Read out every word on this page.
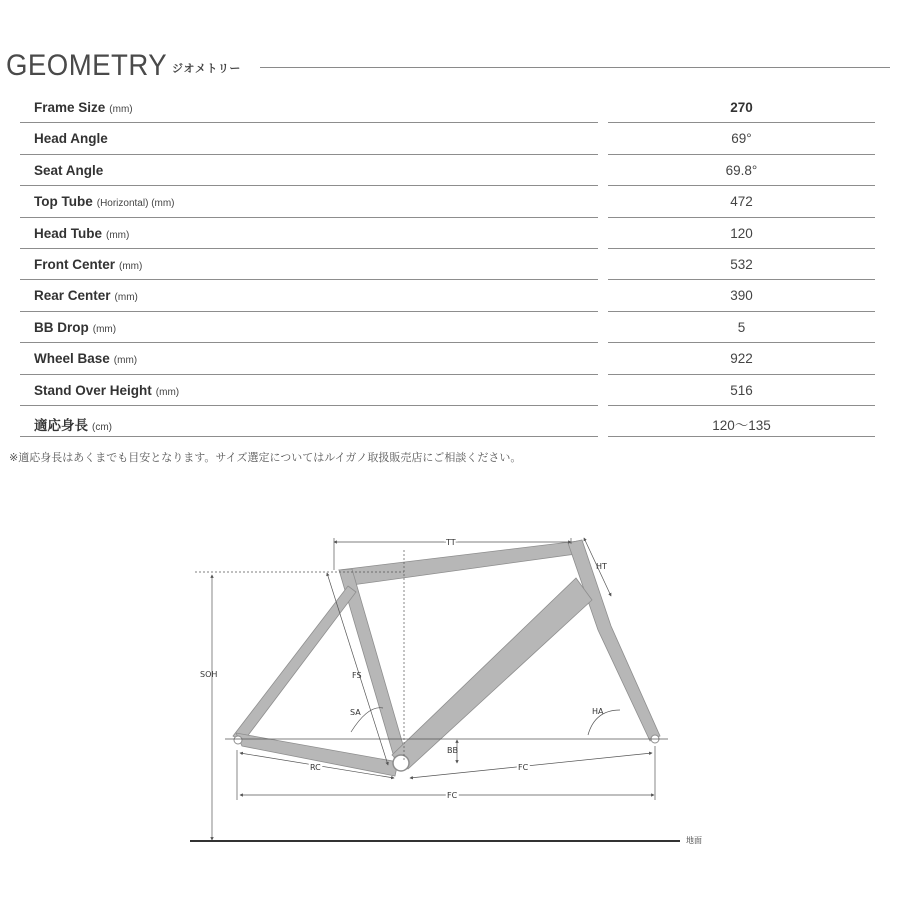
GEOMETRY ジオメトリー
Frame Size (mm)	270
Head Angle	69°
Seat Angle	69.8°
Top Tube (Horizontal) (mm)	472
Head Tube (mm)	120
Front Center (mm)	532
Rear Center (mm)	390
BB Drop (mm)	5
Wheel Base (mm)	922
Stand Over Height (mm)	516
適応身長 (cm)	120〜135
※適応身長はあくまでも目安となります。サイズ選定についてはルイガノ取扱販売店にご相談ください。
TT
HT
SOH	FS
SA	HA
BB
RC	FC
FC
地面
